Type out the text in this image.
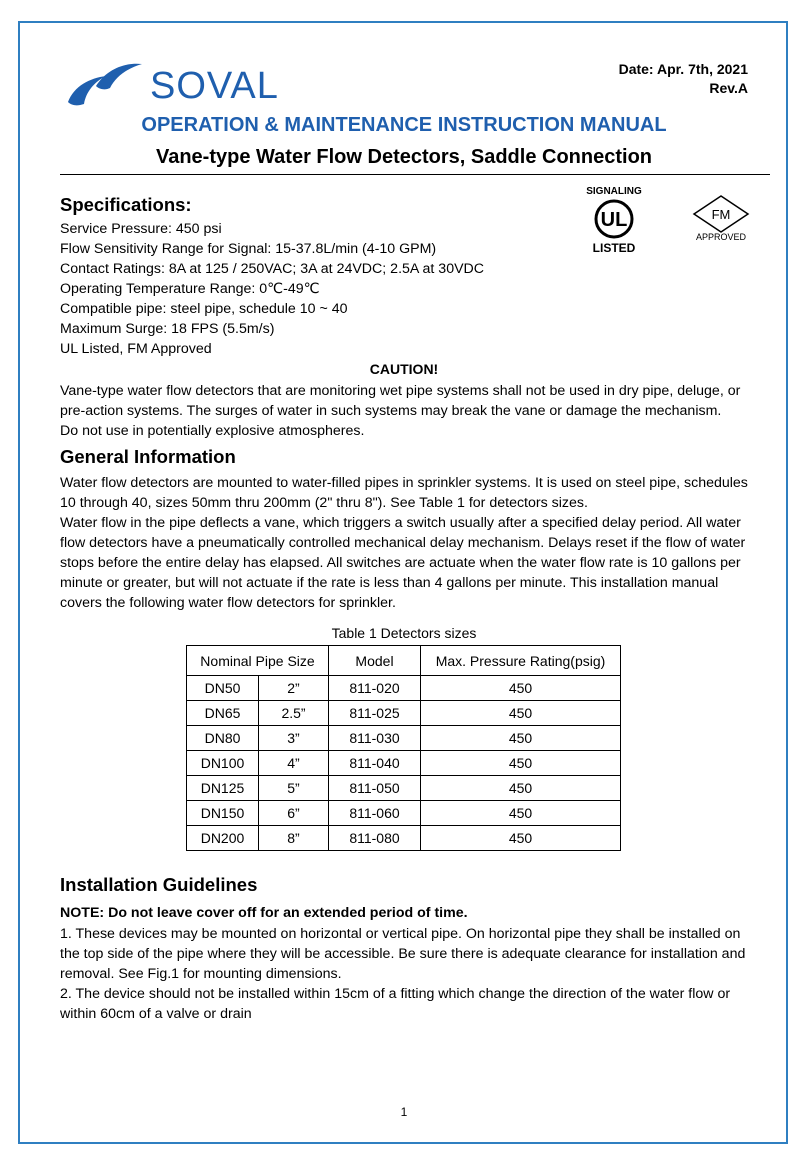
SOVAL	Date: Apr. 7th, 2021
Rev.A
OPERATION & MAINTENANCE INSTRUCTION MANUAL
Vane-type Water Flow Detectors, Saddle Connection
SIGNALING
UL
LISTED
FM
APPROVED
Specifications:
Service Pressure: 450 psi
Flow Sensitivity Range for Signal: 15-37.8L/min (4-10 GPM)
Contact Ratings: 8A at 125 / 250VAC; 3A at 24VDC; 2.5A at 30VDC
Operating Temperature Range: 0℃-49℃
Compatible pipe: steel pipe, schedule 10 ~ 40
Maximum Surge: 18 FPS (5.5m/s)
UL Listed, FM Approved
CAUTION!
Vane-type water flow detectors that are monitoring wet pipe systems shall not be used in dry pipe, deluge, or
pre-action systems. The surges of water in such systems may break the vane or damage the mechanism.
Do not use in potentially explosive atmospheres.
General Information
Water flow detectors are mounted to water-filled pipes in sprinkler systems. It is used on steel pipe, schedules
10 through 40, sizes 50mm thru 200mm (2" thru 8"). See Table 1 for detectors sizes.
Water flow in the pipe deflects a vane, which triggers a switch usually after a specified delay period. All water
flow detectors have a pneumatically controlled mechanical delay mechanism. Delays reset if the flow of water
stops before the entire delay has elapsed. All switches are actuate when the water flow rate is 10 gallons per
minute or greater, but will not actuate if the rate is less than 4 gallons per minute. This installation manual
covers the following water flow detectors for sprinkler.
Table 1 Detectors sizes
Nominal Pipe Size		Model	Max. Pressure Rating(psig)
DN50	2”	811-020	450
DN65	2.5”	811-025	450
DN80	3”	811-030	450
DN100	4”	811-040	450
DN125	5”	811-050	450
DN150	6”	811-060	450
DN200	8”	811-080	450
Installation Guidelines
NOTE: Do not leave cover off for an extended period of time.
1. These devices may be mounted on horizontal or vertical pipe. On horizontal pipe they shall be installed on
the top side of the pipe where they will be accessible. Be sure there is adequate clearance for installation and
removal. See Fig.1 for mounting dimensions.
2. The device should not be installed within 15cm of a fitting which change the direction of the water flow or
within 60cm of a valve or drain
1
